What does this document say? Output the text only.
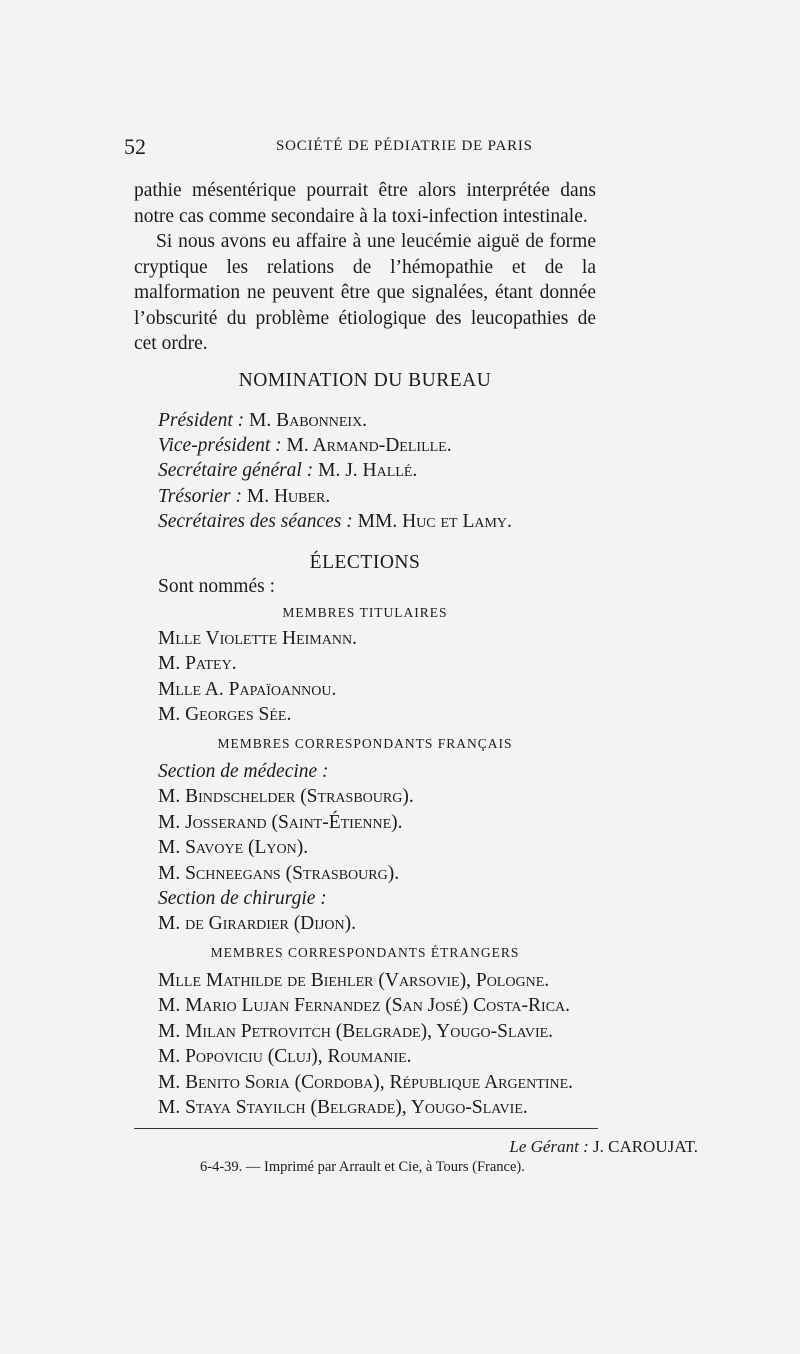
52	SOCIÉTÉ DE PÉDIATRIE DE PARIS

pathie mésentérique pourrait être alors interprétée dans notre cas comme secondaire à la toxi-infection intestinale.

Si nous avons eu affaire à une leucémie aiguë de forme cryptique les relations de l’hémopathie et de la malformation ne peuvent être que signalées, étant donnée l’obscurité du problème étiologique des leucopathies de cet ordre.

NOMINATION DU BUREAU
Président : M. Babonneix.
Vice-président : M. Armand-Delille.
Secrétaire général : M. J. Hallé.
Trésorier : M. Huber.
Secrétaires des séances : MM. Huc et Lamy.
ÉLECTIONS
Sont nommés :
MEMBRES TITULAIRES
Mlle Violette Heimann.
M. Patey.
Mlle A. Papaïoannou.
M. Georges Sée.
MEMBRES CORRESPONDANTS FRANÇAIS
Section de médecine :
M. Bindschelder (Strasbourg).
M. Josserand (Saint-Étienne).
M. Savoye (Lyon).
M. Schneegans (Strasbourg).
Section de chirurgie :
M. de Girardier (Dijon).
MEMBRES CORRESPONDANTS ÉTRANGERS
Mlle Mathilde de Biehler (Varsovie), Pologne.
M. Mario Lujan Fernandez (San José) Costa-Rica.
M. Milan Petrovitch (Belgrade), Yougo-Slavie.
M. Popoviciu (Cluj), Roumanie.
M. Benito Soria (Cordoba), République Argentine.
M. Staya Stayilch (Belgrade), Yougo-Slavie.
Le Gérant : J. CAROUJAT.
6-4-39. — Imprimé par Arrault et Cie, à Tours (France).
